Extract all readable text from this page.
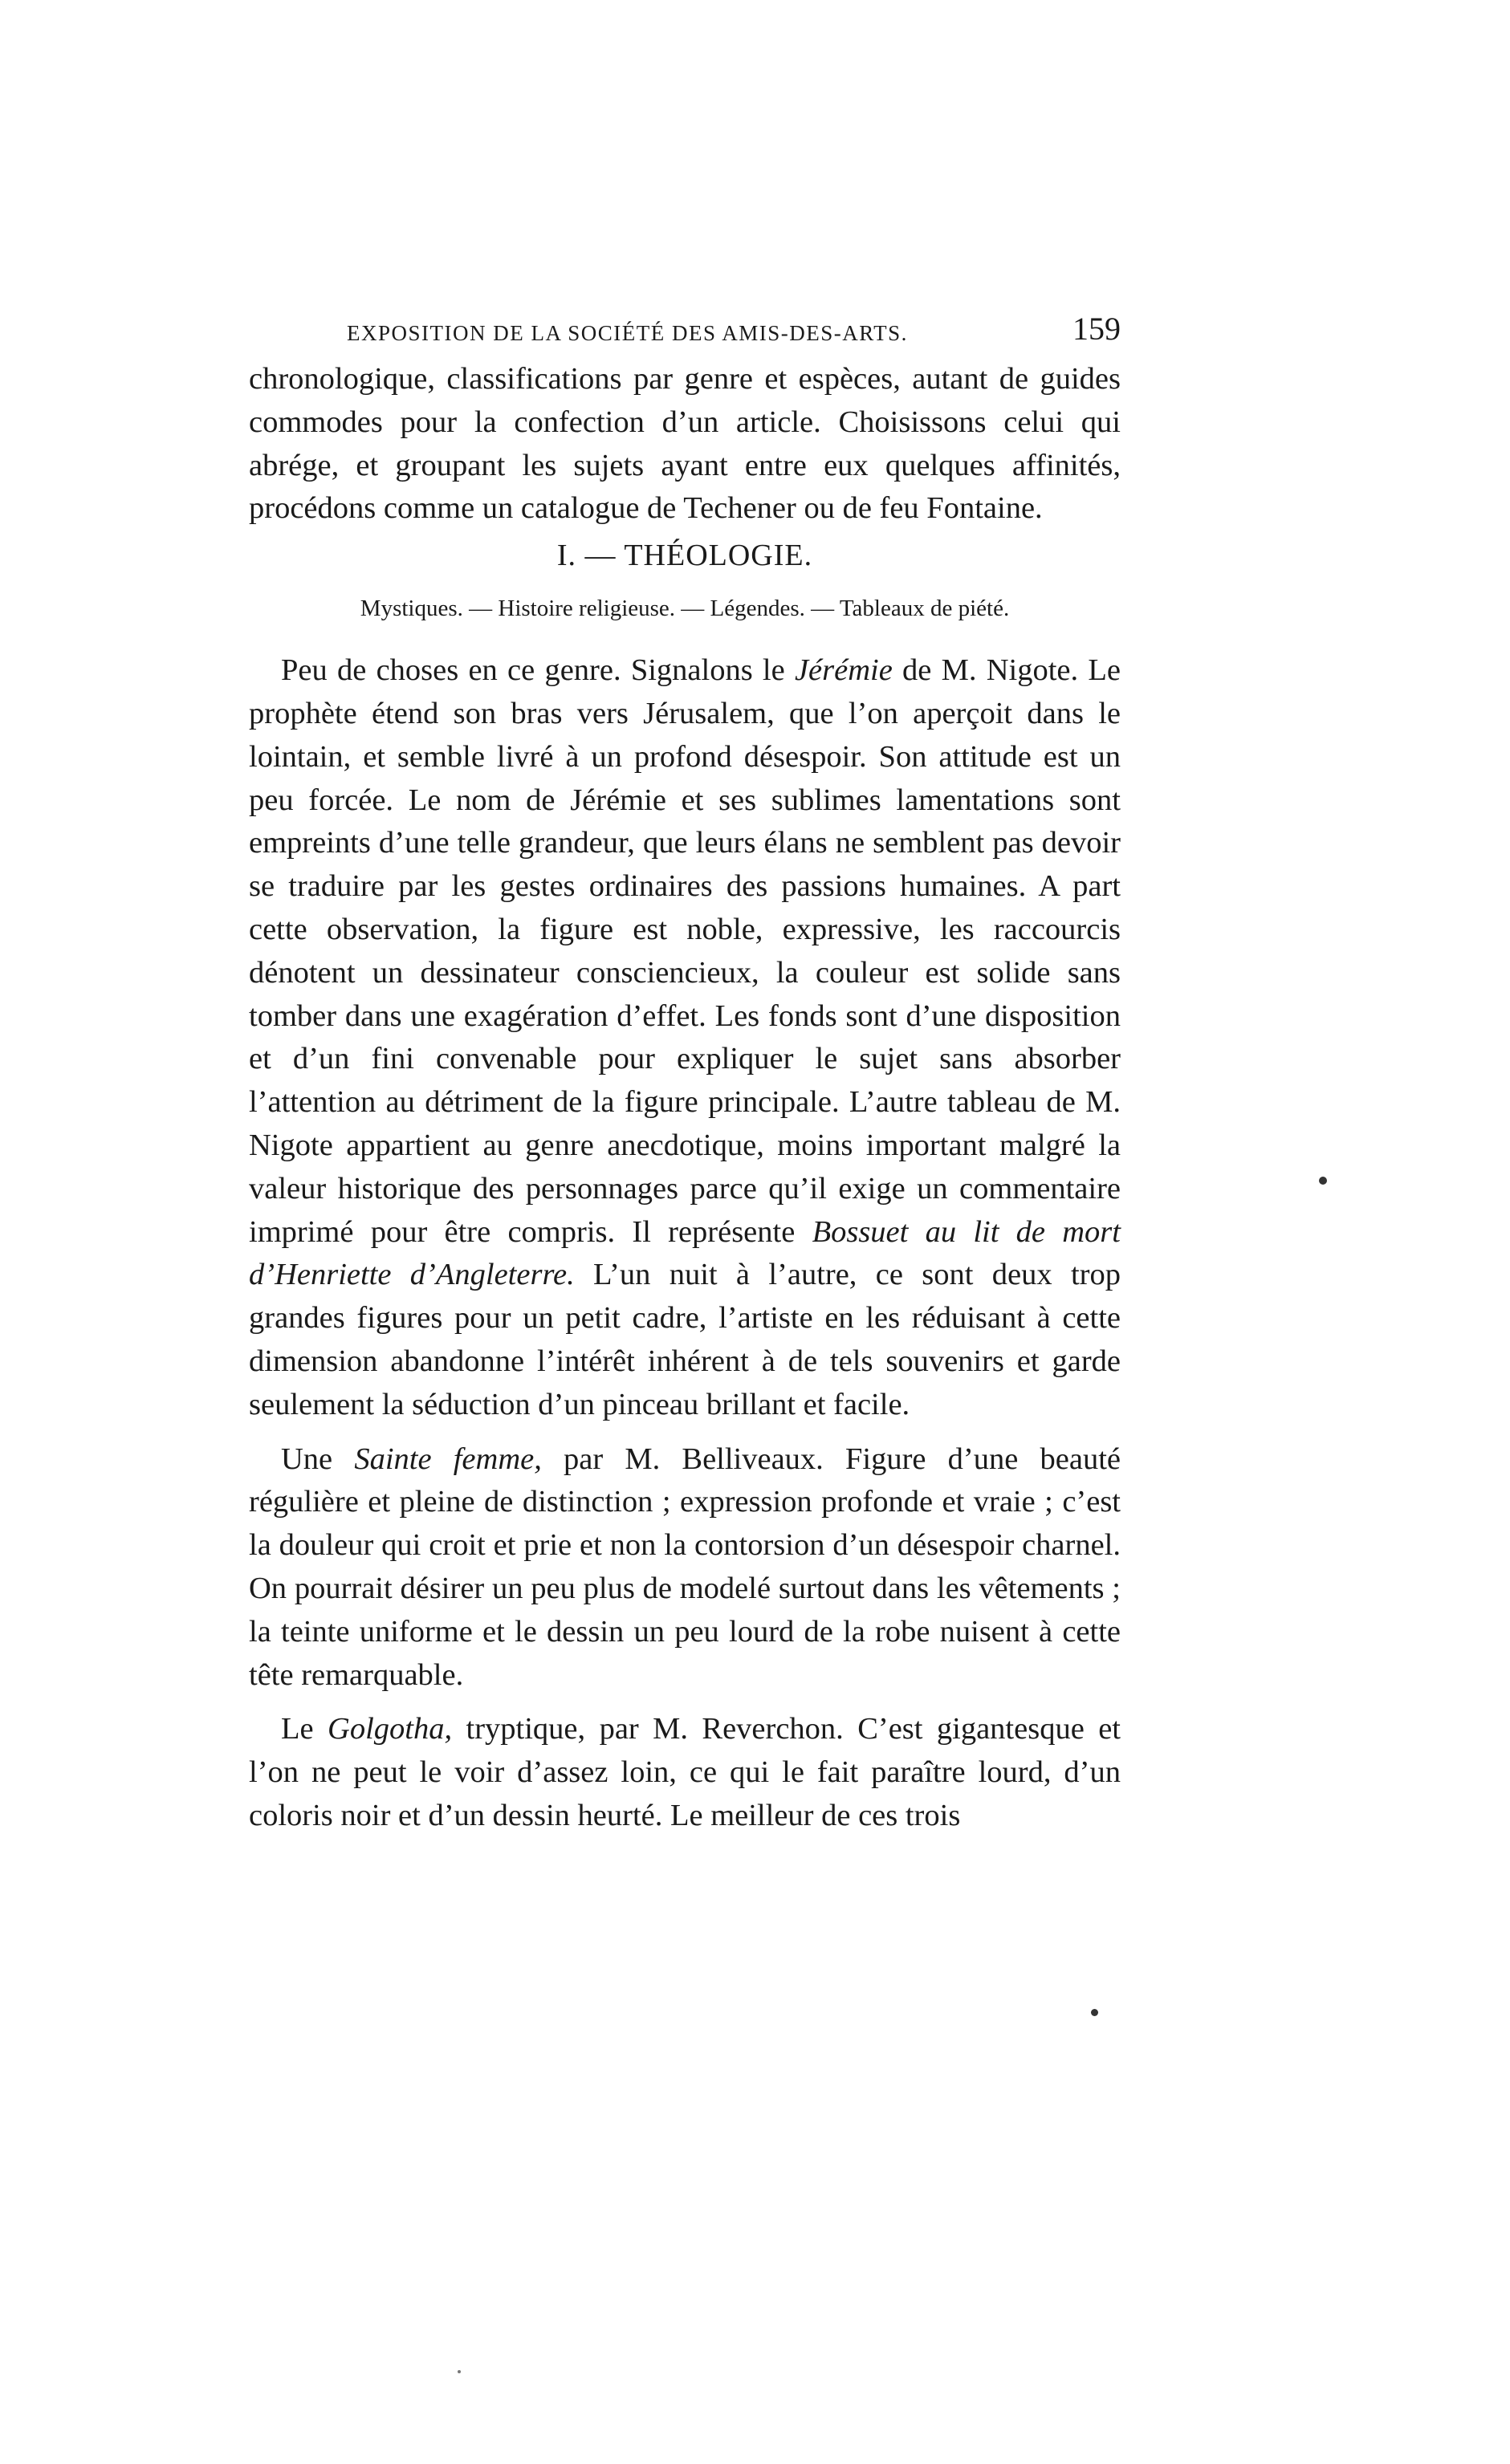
EXPOSITION DE LA SOCIÉTÉ DES AMIS-DES-ARTS.	159

chronologique, classifications par genre et espèces, autant de guides commodes pour la confection d’un article. Choisissons celui qui abrége, et groupant les sujets ayant entre eux quelques affinités, procédons comme un catalogue de Techener ou de feu Fontaine.

I. — THÉOLOGIE.
Mystiques. — Histoire religieuse. — Légendes. — Tableaux de piété.

Peu de choses en ce genre. Signalons le Jérémie de M. Nigote. Le prophète étend son bras vers Jérusalem, que l’on aperçoit dans le lointain, et semble livré à un profond désespoir. Son attitude est un peu forcée. Le nom de Jérémie et ses sublimes lamentations sont empreints d’une telle grandeur, que leurs élans ne semblent pas devoir se traduire par les gestes ordinaires des passions humaines. A part cette observation, la figure est noble, expressive, les raccourcis dénotent un dessinateur consciencieux, la couleur est solide sans tomber dans une exagération d’effet. Les fonds sont d’une disposition et d’un fini convenable pour expliquer le sujet sans absorber l’attention au détriment de la figure principale. L’autre tableau de M. Nigote appartient au genre anecdotique, moins important malgré la valeur historique des personnages parce qu’il exige un commentaire imprimé pour être compris. Il représente Bossuet au lit de mort d’Henriette d’Angleterre. L’un nuit à l’autre, ce sont deux trop grandes figures pour un petit cadre, l’artiste en les réduisant à cette dimension abandonne l’intérêt inhérent à de tels souvenirs et garde seulement la séduction d’un pinceau brillant et facile.

Une Sainte femme, par M. Belliveaux. Figure d’une beauté régulière et pleine de distinction ; expression profonde et vraie ; c’est la douleur qui croit et prie et non la contorsion d’un désespoir charnel. On pourrait désirer un peu plus de modelé surtout dans les vêtements ; la teinte uniforme et le dessin un peu lourd de la robe nuisent à cette tête remarquable.

Le Golgotha, tryptique, par M. Reverchon. C’est gigantesque et l’on ne peut le voir d’assez loin, ce qui le fait paraître lourd, d’un coloris noir et d’un dessin heurté. Le meilleur de ces trois
